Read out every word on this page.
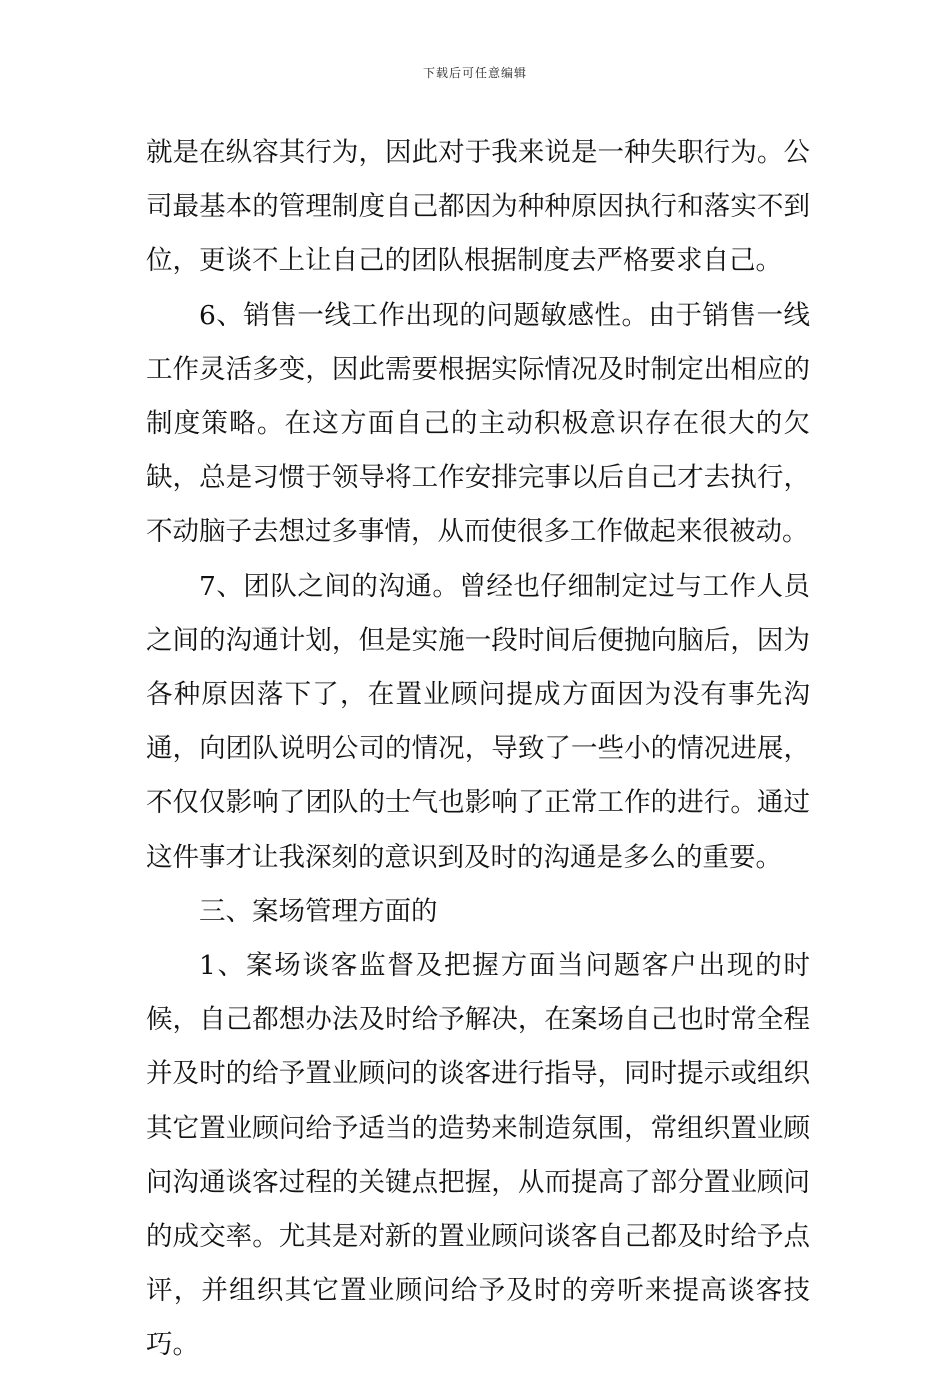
下载后可任意编辑

就是在纵容其行为，因此对于我来说是一种失职行为。公司最基本的管理制度自己都因为种种原因执行和落实不到位，更谈不上让自己的团队根据制度去严格要求自己。

6、销售一线工作出现的问题敏感性。由于销售一线工作灵活多变，因此需要根据实际情况及时制定出相应的制度策略。在这方面自己的主动积极意识存在很大的欠缺，总是习惯于领导将工作安排完事以后自己才去执行，不动脑子去想过多事情，从而使很多工作做起来很被动。

7、团队之间的沟通。曾经也仔细制定过与工作人员之间的沟通计划，但是实施一段时间后便抛向脑后，因为各种原因落下了，在置业顾问提成方面因为没有事先沟通，向团队说明公司的情况，导致了一些小的情况进展，不仅仅影响了团队的士气也影响了正常工作的进行。通过这件事才让我深刻的意识到及时的沟通是多么的重要。

三、案场管理方面的

1、案场谈客监督及把握方面当问题客户出现的时候，自己都想办法及时给予解决，在案场自己也时常全程并及时的给予置业顾问的谈客进行指导，同时提示或组织其它置业顾问给予适当的造势来制造氛围，常组织置业顾问沟通谈客过程的关键点把握，从而提高了部分置业顾问的成交率。尤其是对新的置业顾问谈客自己都及时给予点评，并组织其它置业顾问给予及时的旁听来提高谈客技巧。
